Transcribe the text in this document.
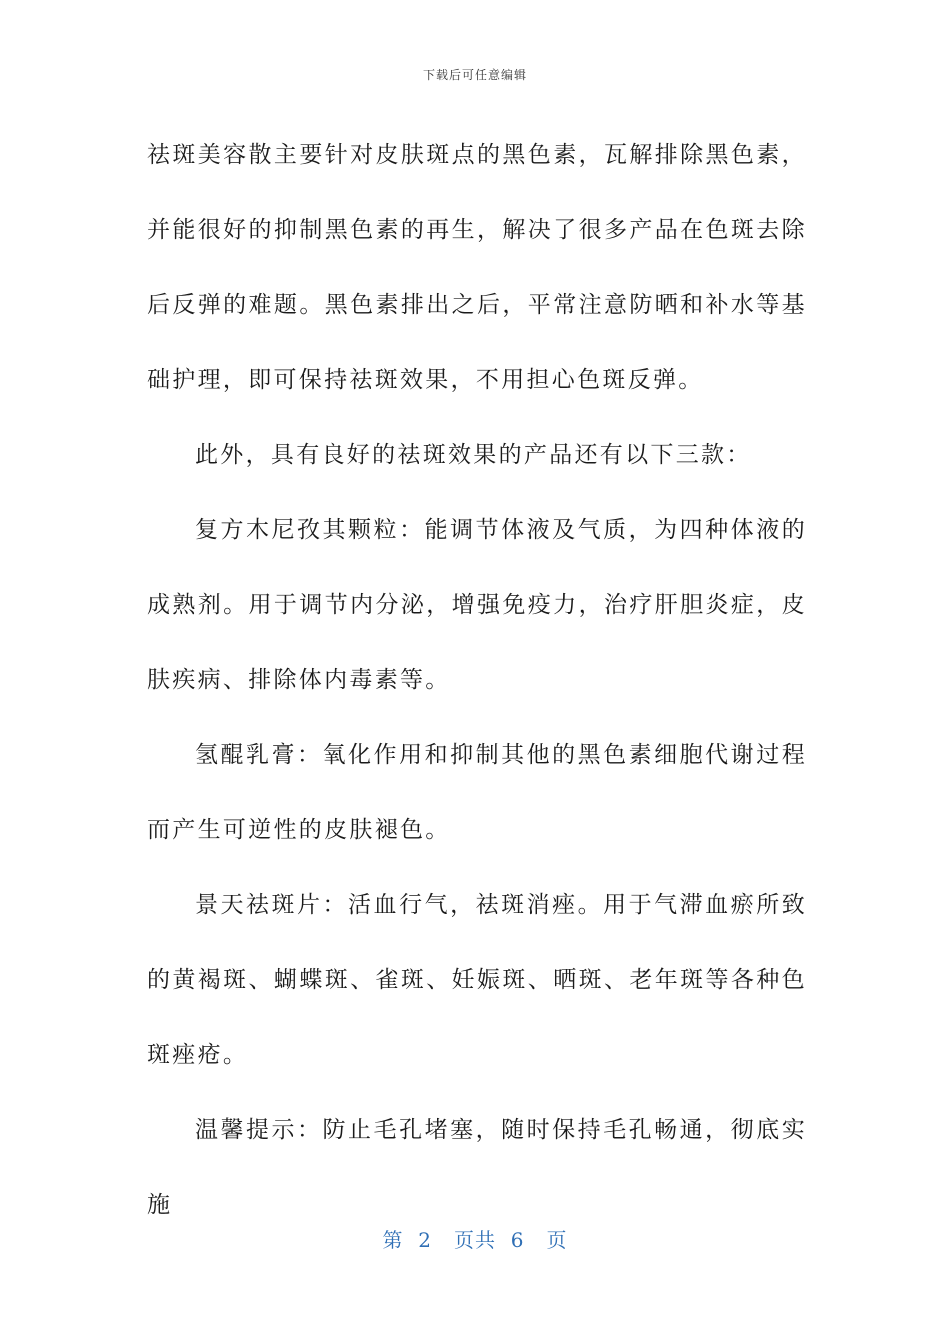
下载后可任意编辑

祛斑美容散主要针对皮肤斑点的黑色素，瓦解排除黑色素，并能很好的抑制黑色素的再生，解决了很多产品在色斑去除后反弹的难题。黑色素排出之后，平常注意防晒和补水等基础护理，即可保持祛斑效果，不用担心色斑反弹。

此外，具有良好的祛斑效果的产品还有以下三款：

复方木尼孜其颗粒：能调节体液及气质，为四种体液的成熟剂。用于调节内分泌，增强免疫力，治疗肝胆炎症，皮肤疾病、排除体内毒素等。

氢醌乳膏：氧化作用和抑制其他的黑色素细胞代谢过程而产生可逆性的皮肤褪色。

景天祛斑片：活血行气，祛斑消痤。用于气滞血瘀所致的黄褐斑、蝴蝶斑、雀斑、妊娠斑、晒斑、老年斑等各种色斑痤疮。

温馨提示：防止毛孔堵塞，随时保持毛孔畅通，彻底实施

第 2 页共 6 页
